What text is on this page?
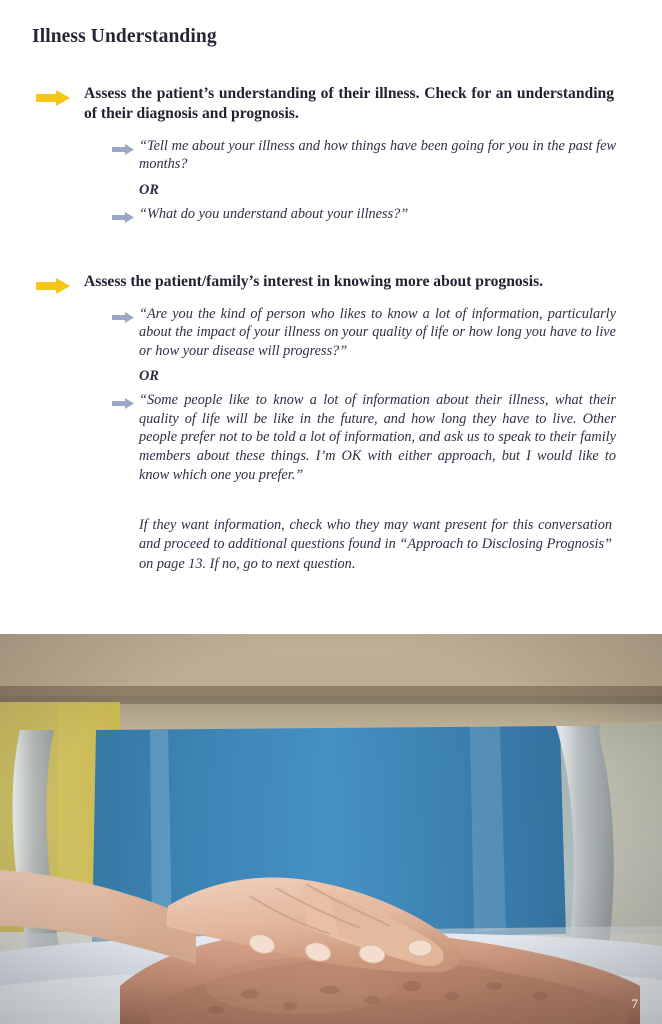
Illness Understanding

Assess the patient’s understanding of their illness. Check for an understanding of their diagnosis and prognosis.

“Tell me about your illness and how things have been going for you in the past few months?

OR

“What do you understand about your illness?”

Assess the patient/family’s interest in knowing more about prognosis.

“Are you the kind of person who likes to know a lot of information, particularly about the impact of your illness on your quality of life or how long you have to live or how your disease will progress?”

OR

“Some people like to know a lot of information about their illness, what their quality of life will be like in the future, and how long they have to live. Other people prefer not to be told a lot of information, and ask us to speak to their family members about these things. I’m OK with either approach, but I would like to know which one you prefer.”

If they want information, check who they may want present for this conversation and proceed to additional questions found in “Approach to Disclosing Prognosis” on page 13. If no, go to next question.

7
